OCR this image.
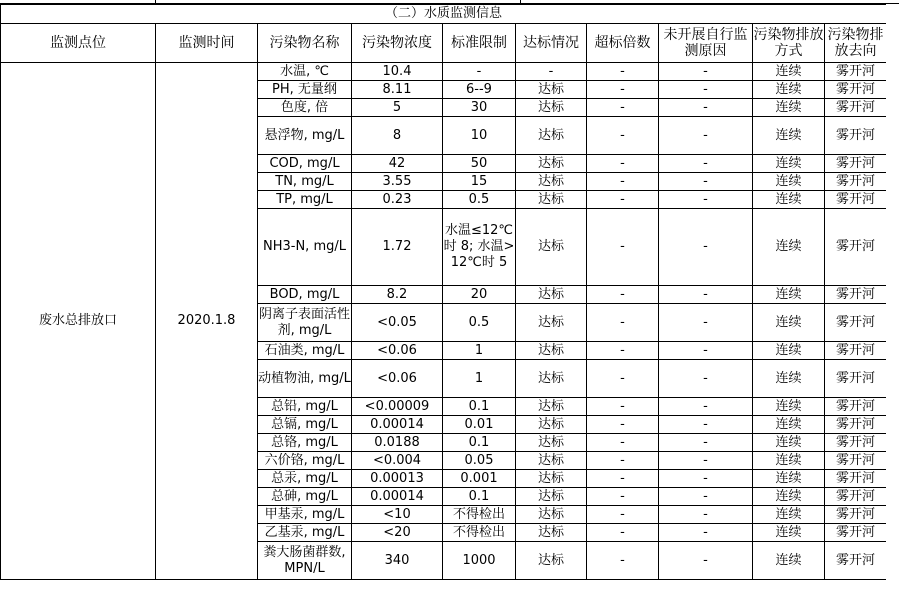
（二）水质监测信息									
监测点位	监测时间	污染物名称	污染物浓度	标准限制	达标情况	超标倍数	未开展自行监测原因	污染物排放方式	污染物排放去向
废水总排放口	2020.1.8	水温, ℃	10.4	-	-	-	-	连续	雾开河
		PH, 无量纲	8.11	6--9	达标	-	-	连续	雾开河
		色度, 倍	5	30	达标	-	-	连续	雾开河
		悬浮物, mg/L	8	10	达标	-	-	连续	雾开河
		COD, mg/L	42	50	达标	-	-	连续	雾开河
		TN, mg/L	3.55	15	达标	-	-	连续	雾开河
		TP, mg/L	0.23	0.5	达标	-	-	连续	雾开河
		NH3-N, mg/L	1.72	水温≤12℃时 8; 水温>12℃时 5	达标	-	-	连续	雾开河
		BOD, mg/L	8.2	20	达标	-	-	连续	雾开河
		阴离子表面活性剂, mg/L	<0.05	0.5	达标	-	-	连续	雾开河
		石油类, mg/L	<0.06	1	达标	-	-	连续	雾开河
		动植物油, mg/L	<0.06	1	达标	-	-	连续	雾开河
		总铅, mg/L	<0.00009	0.1	达标	-	-	连续	雾开河
		总镉, mg/L	0.00014	0.01	达标	-	-	连续	雾开河
		总铬, mg/L	0.0188	0.1	达标	-	-	连续	雾开河
		六价铬, mg/L	<0.004	0.05	达标	-	-	连续	雾开河
		总汞, mg/L	0.00013	0.001	达标	-	-	连续	雾开河
		总砷, mg/L	0.00014	0.1	达标	-	-	连续	雾开河
		甲基汞, mg/L	<10	不得检出	达标	-	-	连续	雾开河
		乙基汞, mg/L	<20	不得检出	达标	-	-	连续	雾开河
		粪大肠菌群数, MPN/L	340	1000	达标	-	-	连续	雾开河
